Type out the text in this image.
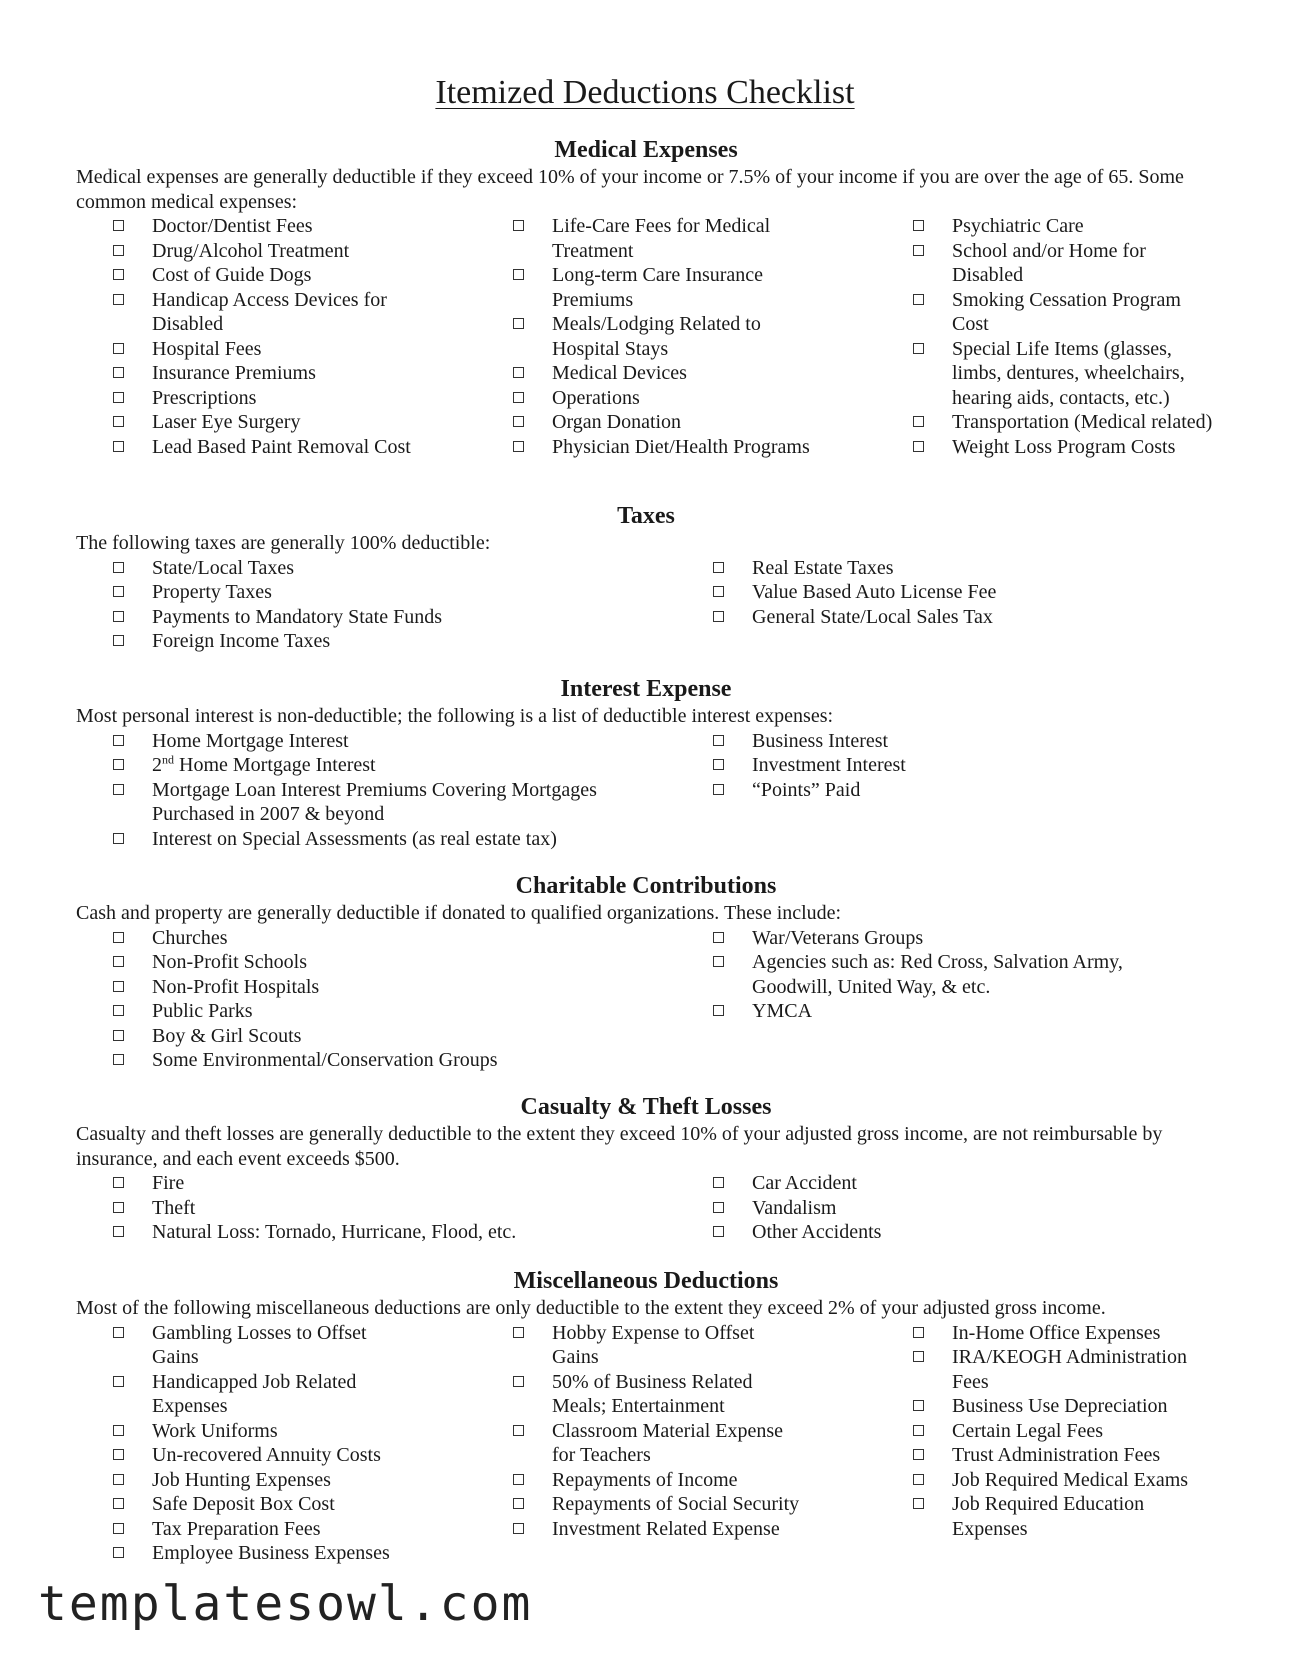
Itemized Deductions Checklist
Medical Expenses

Medical expenses are generally deductible if they exceed 10% of your income or 7.5% of your income if you are over the age of 65. Some common medical expenses:

Doctor/Dentist Fees
Drug/Alcohol Treatment
Cost of Guide Dogs
Handicap Access Devices for Disabled
Hospital Fees
Insurance Premiums
Prescriptions
Laser Eye Surgery
Lead Based Paint Removal Cost
Life-Care Fees for Medical Treatment
Long-term Care Insurance Premiums
Meals/Lodging Related to Hospital Stays
Medical Devices
Operations
Organ Donation
Physician Diet/Health Programs
Psychiatric Care
School and/or Home for Disabled
Smoking Cessation Program Cost
Special Life Items (glasses, limbs, dentures, wheelchairs, hearing aids, contacts, etc.)
Transportation (Medical related)
Weight Loss Program Costs
Taxes

The following taxes are generally 100% deductible:

State/Local Taxes
Property Taxes
Payments to Mandatory State Funds
Foreign Income Taxes
Real Estate Taxes
Value Based Auto License Fee
General State/Local Sales Tax
Interest Expense

Most personal interest is non-deductible; the following is a list of deductible interest expenses:

Home Mortgage Interest
2nd Home Mortgage Interest
Mortgage Loan Interest Premiums Covering Mortgages Purchased in 2007 & beyond
Interest on Special Assessments (as real estate tax)
Business Interest
Investment Interest
“Points” Paid
Charitable Contributions

Cash and property are generally deductible if donated to qualified organizations. These include:

Churches
Non-Profit Schools
Non-Profit Hospitals
Public Parks
Boy & Girl Scouts
Some Environmental/Conservation Groups
War/Veterans Groups
Agencies such as: Red Cross, Salvation Army, Goodwill, United Way, & etc.
YMCA
Casualty & Theft Losses

Casualty and theft losses are generally deductible to the extent they exceed 10% of your adjusted gross income, are not reimbursable by insurance, and each event exceeds $500.

Fire
Theft
Natural Loss: Tornado, Hurricane, Flood, etc.
Car Accident
Vandalism
Other Accidents
Miscellaneous Deductions

Most of the following miscellaneous deductions are only deductible to the extent they exceed 2% of your adjusted gross income.

Gambling Losses to Offset Gains
Handicapped Job Related Expenses
Work Uniforms
Un-recovered Annuity Costs
Job Hunting Expenses
Safe Deposit Box Cost
Tax Preparation Fees
Employee Business Expenses
Hobby Expense to Offset Gains
50% of Business Related Meals; Entertainment
Classroom Material Expense for Teachers
Repayments of Income
Repayments of Social Security
Investment Related Expense
In-Home Office Expenses
IRA/KEOGH Administration Fees
Business Use Depreciation
Certain Legal Fees
Trust Administration Fees
Job Required Medical Exams
Job Required Education Expenses
templatesowl.com
